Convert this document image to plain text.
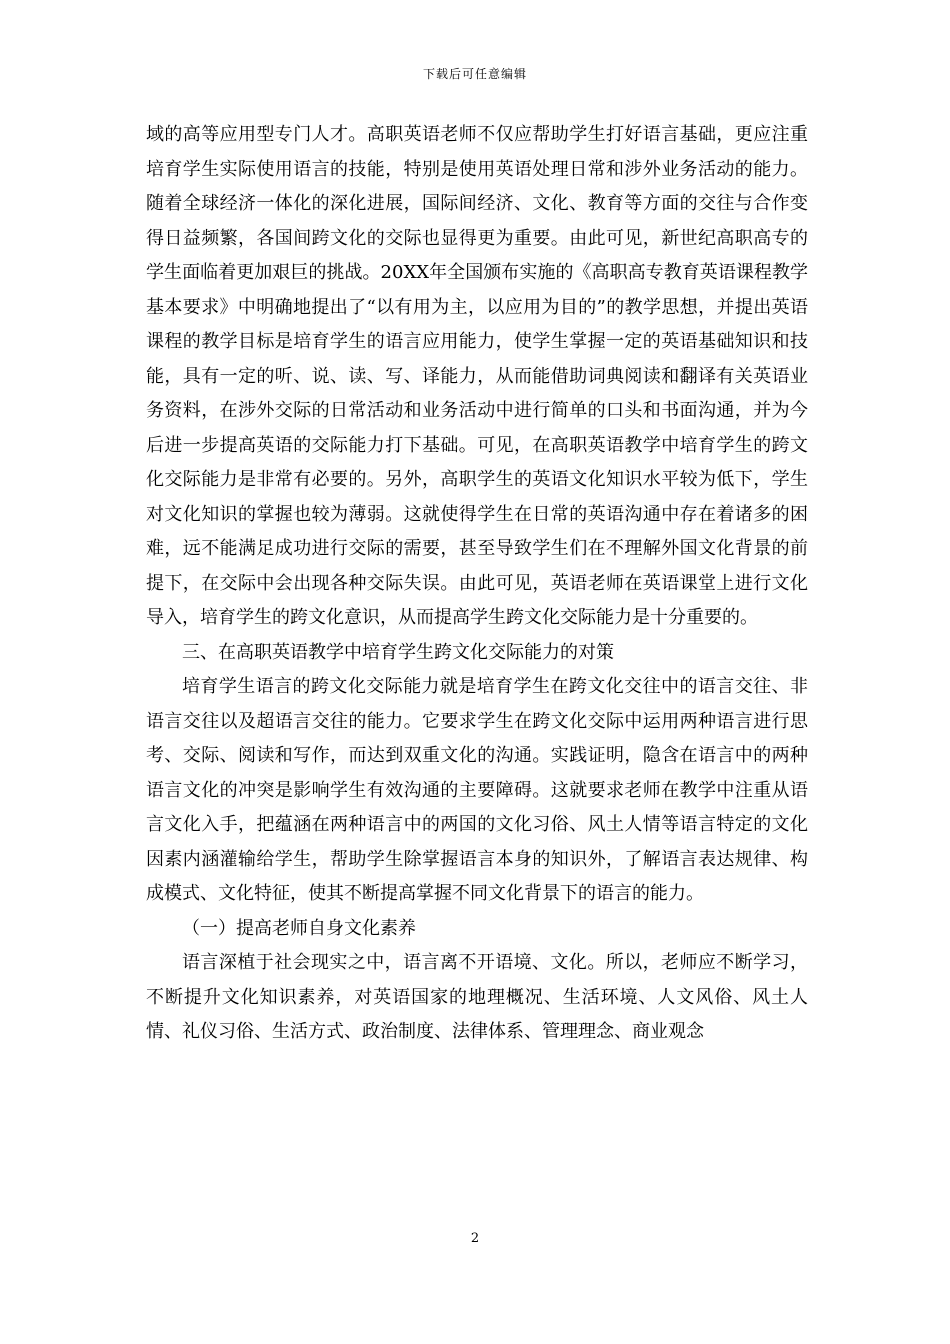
下载后可任意编辑

域的高等应用型专门人才。高职英语老师不仅应帮助学生打好语言基础，更应注重培育学生实际使用语言的技能，特别是使用英语处理日常和涉外业务活动的能力。随着全球经济一体化的深化进展，国际间经济、文化、教育等方面的交往与合作变得日益频繁，各国间跨文化的交际也显得更为重要。由此可见，新世纪高职高专的学生面临着更加艰巨的挑战。20XX年全国颁布实施的《高职高专教育英语课程教学基本要求》中明确地提出了“以有用为主，以应用为目的”的教学思想，并提出英语课程的教学目标是培育学生的语言应用能力，使学生掌握一定的英语基础知识和技能，具有一定的听、说、读、写、译能力，从而能借助词典阅读和翻译有关英语业务资料，在涉外交际的日常活动和业务活动中进行简单的口头和书面沟通，并为今后进一步提高英语的交际能力打下基础。可见，在高职英语教学中培育学生的跨文化交际能力是非常有必要的。另外，高职学生的英语文化知识水平较为低下，学生对文化知识的掌握也较为薄弱。这就使得学生在日常的英语沟通中存在着诸多的困难，远不能满足成功进行交际的需要，甚至导致学生们在不理解外国文化背景的前提下，在交际中会出现各种交际失误。由此可见，英语老师在英语课堂上进行文化导入，培育学生的跨文化意识，从而提高学生跨文化交际能力是十分重要的。

三、在高职英语教学中培育学生跨文化交际能力的对策

培育学生语言的跨文化交际能力就是培育学生在跨文化交往中的语言交往、非语言交往以及超语言交往的能力。它要求学生在跨文化交际中运用两种语言进行思考、交际、阅读和写作，而达到双重文化的沟通。实践证明，隐含在语言中的两种语言文化的冲突是影响学生有效沟通的主要障碍。这就要求老师在教学中注重从语言文化入手，把蕴涵在两种语言中的两国的文化习俗、风土人情等语言特定的文化因素内涵灌输给学生，帮助学生除掌握语言本身的知识外，了解语言表达规律、构成模式、文化特征，使其不断提高掌握不同文化背景下的语言的能力。

（一）提高老师自身文化素养

语言深植于社会现实之中，语言离不开语境、文化。所以，老师应不断学习，不断提升文化知识素养，对英语国家的地理概况、生活环境、人文风俗、风土人情、礼仪习俗、生活方式、政治制度、法律体系、管理理念、商业观念

2
